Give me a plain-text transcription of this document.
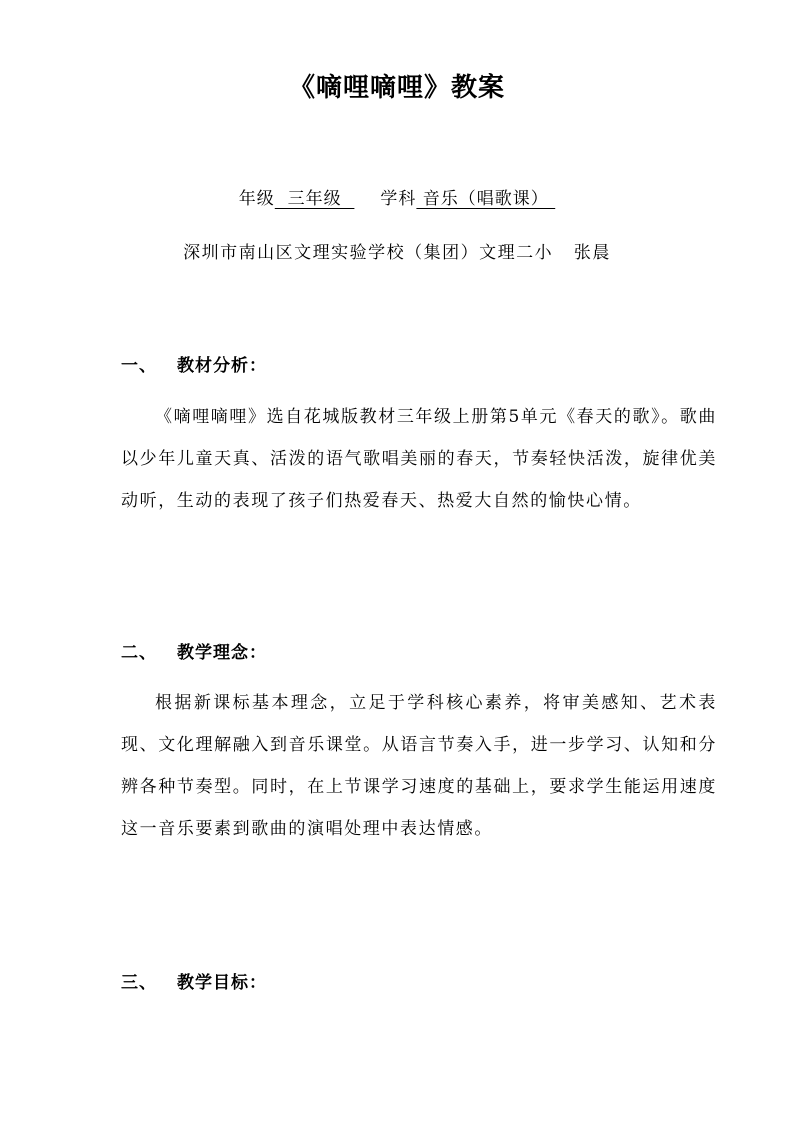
《嘀哩嘀哩》教案
年级  三年级  学科 音乐（唱歌课）
深圳市南山区文理实验学校（集团）文理二小   张晨
一、 教材分析：
《嘀哩嘀哩》选自花城版教材三年级上册第5单元《春天的歌》。歌曲以少年儿童天真、活泼的语气歌唱美丽的春天，节奏轻快活泼，旋律优美动听，生动的表现了孩子们热爱春天、热爱大自然的愉快心情。
二、 教学理念：
根据新课标基本理念，立足于学科核心素养，将审美感知、艺术表现、文化理解融入到音乐课堂。从语言节奏入手，进一步学习、认知和分辨各种节奏型。同时，在上节课学习速度的基础上，要求学生能运用速度这一音乐要素到歌曲的演唱处理中表达情感。
三、 教学目标：
